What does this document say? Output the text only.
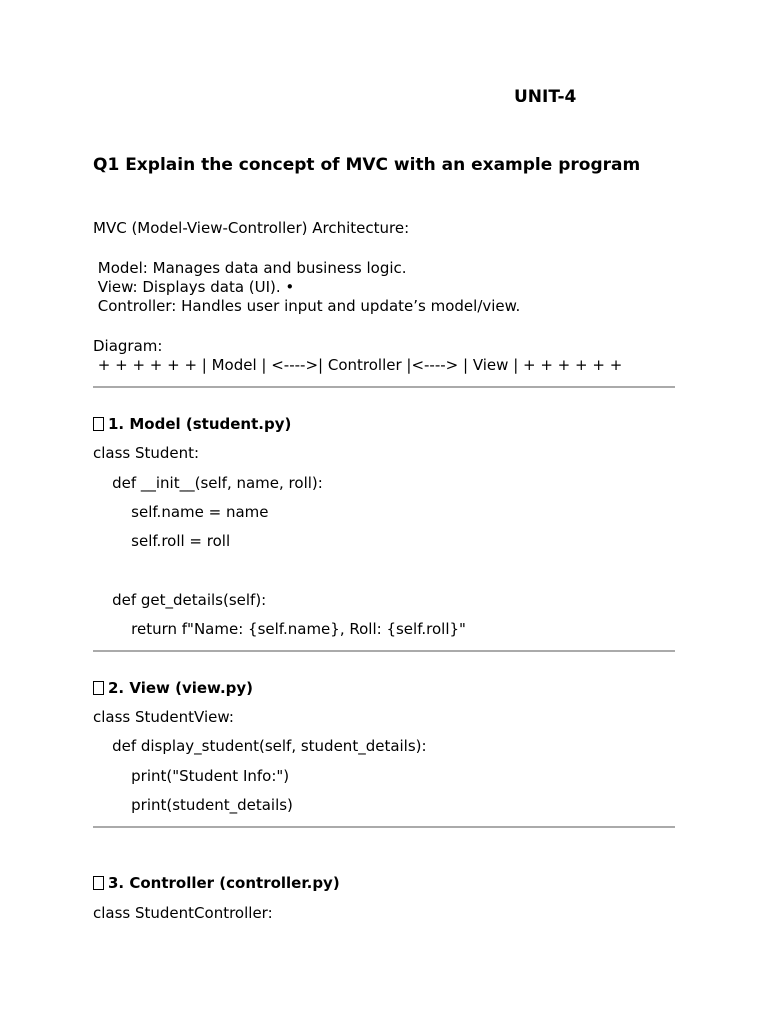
UNIT-4
Q1 Explain the concept of MVC with an example program
MVC (Model-View-Controller) Architecture:
Model: Manages data and business logic.
View: Displays data (UI). •
Controller: Handles user input and update’s model/view.
Diagram:
+ + + + + + | Model | <---->| Controller |<----> | View | + + + + + +
1. Model (student.py)
class Student:
def __init__(self, name, roll):
self.name = name
self.roll = roll
def get_details(self):
return f"Name: {self.name}, Roll: {self.roll}"
2. View (view.py)
class StudentView:
def display_student(self, student_details):
print("Student Info:")
print(student_details)
3. Controller (controller.py)
class StudentController:
